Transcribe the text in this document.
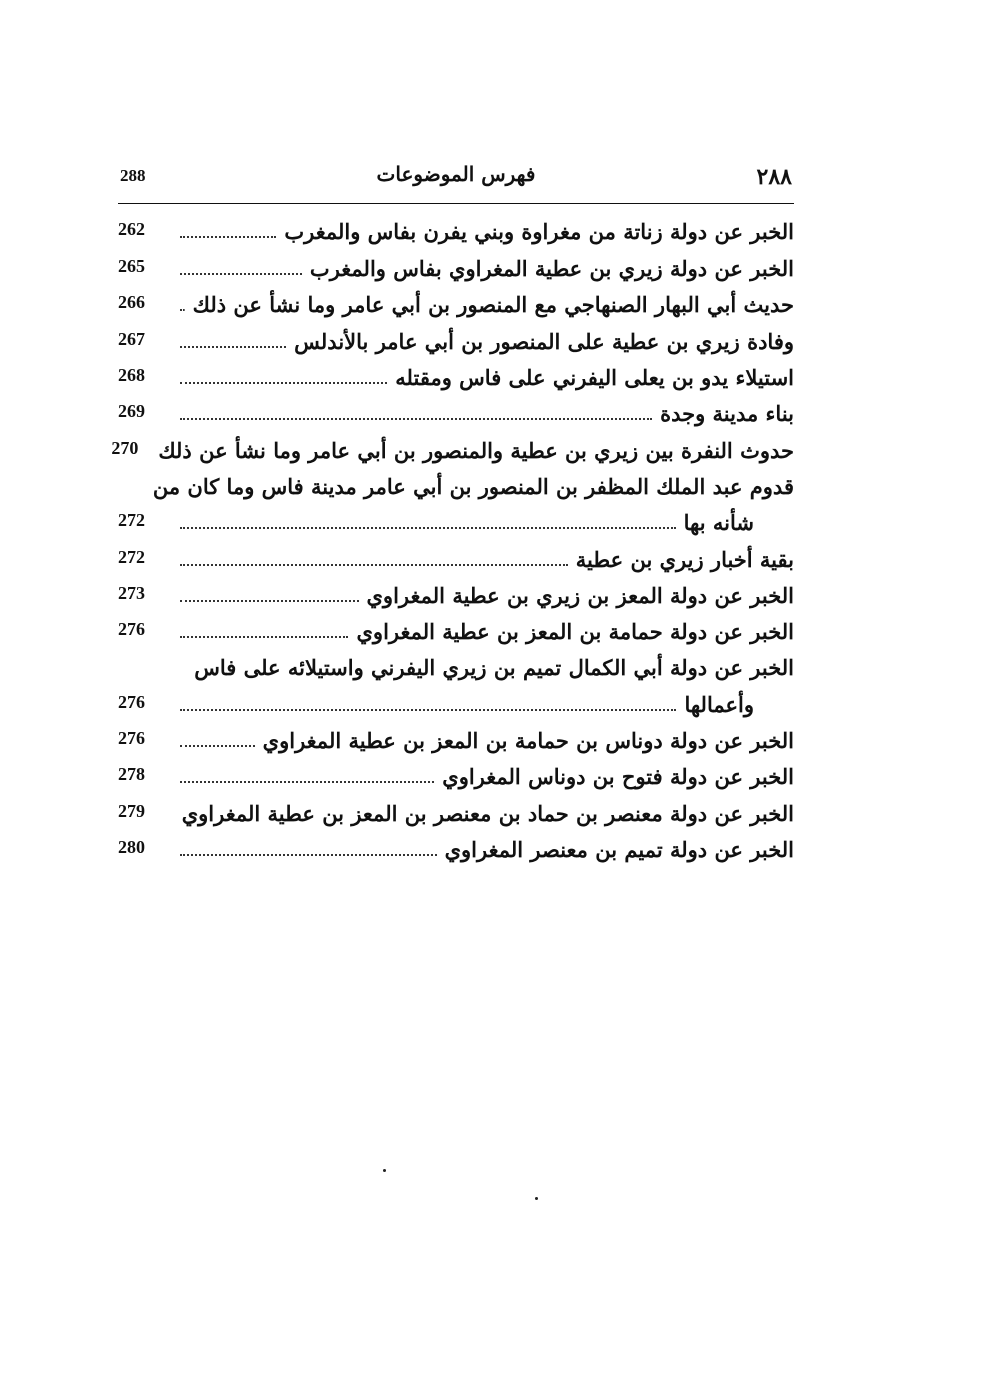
288	فهرس الموضوعات	٢٨٨
الخبر عن دولة زناتة من مغراوة وبني يفرن بفاس والمغرب
262
الخبر عن دولة زيري بن عطية المغراوي بفاس والمغرب
265
حديث أبي البهار الصنهاجي مع المنصور بن أبي عامر وما نشأ عن ذلك
266
وفادة زيري بن عطية على المنصور بن أبي عامر بالأندلس
267
استيلاء يدو بن يعلى اليفرني على فاس ومقتله
268
بناء مدينة وجدة
269
حدوث النفرة بين زيري بن عطية والمنصور بن أبي عامر وما نشأ عن ذلك
270
قدوم عبد الملك المظفر بن المنصور بن أبي عامر مدينة فاس وما كان من
شأنه بها
272
بقية أخبار زيري بن عطية
272
الخبر عن دولة المعز بن زيري بن عطية المغراوي
273
الخبر عن دولة حمامة بن المعز بن عطية المغراوي
276
الخبر عن دولة أبي الكمال تميم بن زيري اليفرني واستيلائه على فاس
وأعمالها
276
الخبر عن دولة دوناس بن حمامة بن المعز بن عطية المغراوي
276
الخبر عن دولة فتوح بن دوناس المغراوي
278
الخبر عن دولة معنصر بن حماد بن معنصر بن المعز بن عطية المغراوي
279
الخبر عن دولة تميم بن معنصر المغراوي
280
